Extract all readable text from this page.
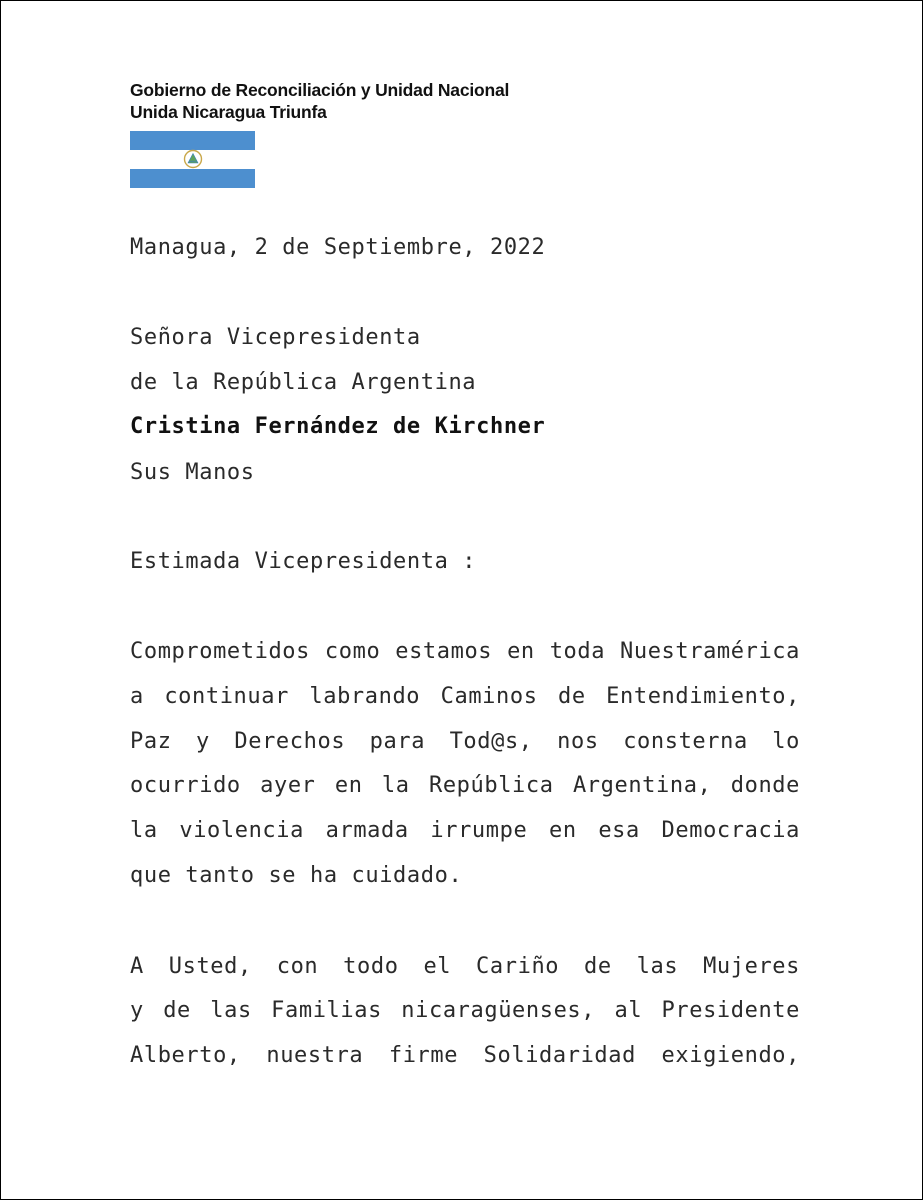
Gobierno de Reconciliación y Unidad Nacional
Unida Nicaragua Triunfa
Managua, 2 de Septiembre, 2022
Señora Vicepresidenta
de la República Argentina
Cristina Fernández de Kirchner
Sus Manos
Estimada Vicepresidenta :
Comprometidos como estamos en toda Nuestramérica
a continuar labrando Caminos de Entendimiento,
Paz y Derechos para Tod@s, nos consterna lo
ocurrido ayer en la República Argentina, donde
la violencia armada irrumpe en esa Democracia
que tanto se ha cuidado.
A Usted, con todo el Cariño de las Mujeres
y de las Familias nicaragüenses, al Presidente
Alberto, nuestra firme Solidaridad exigiendo,
